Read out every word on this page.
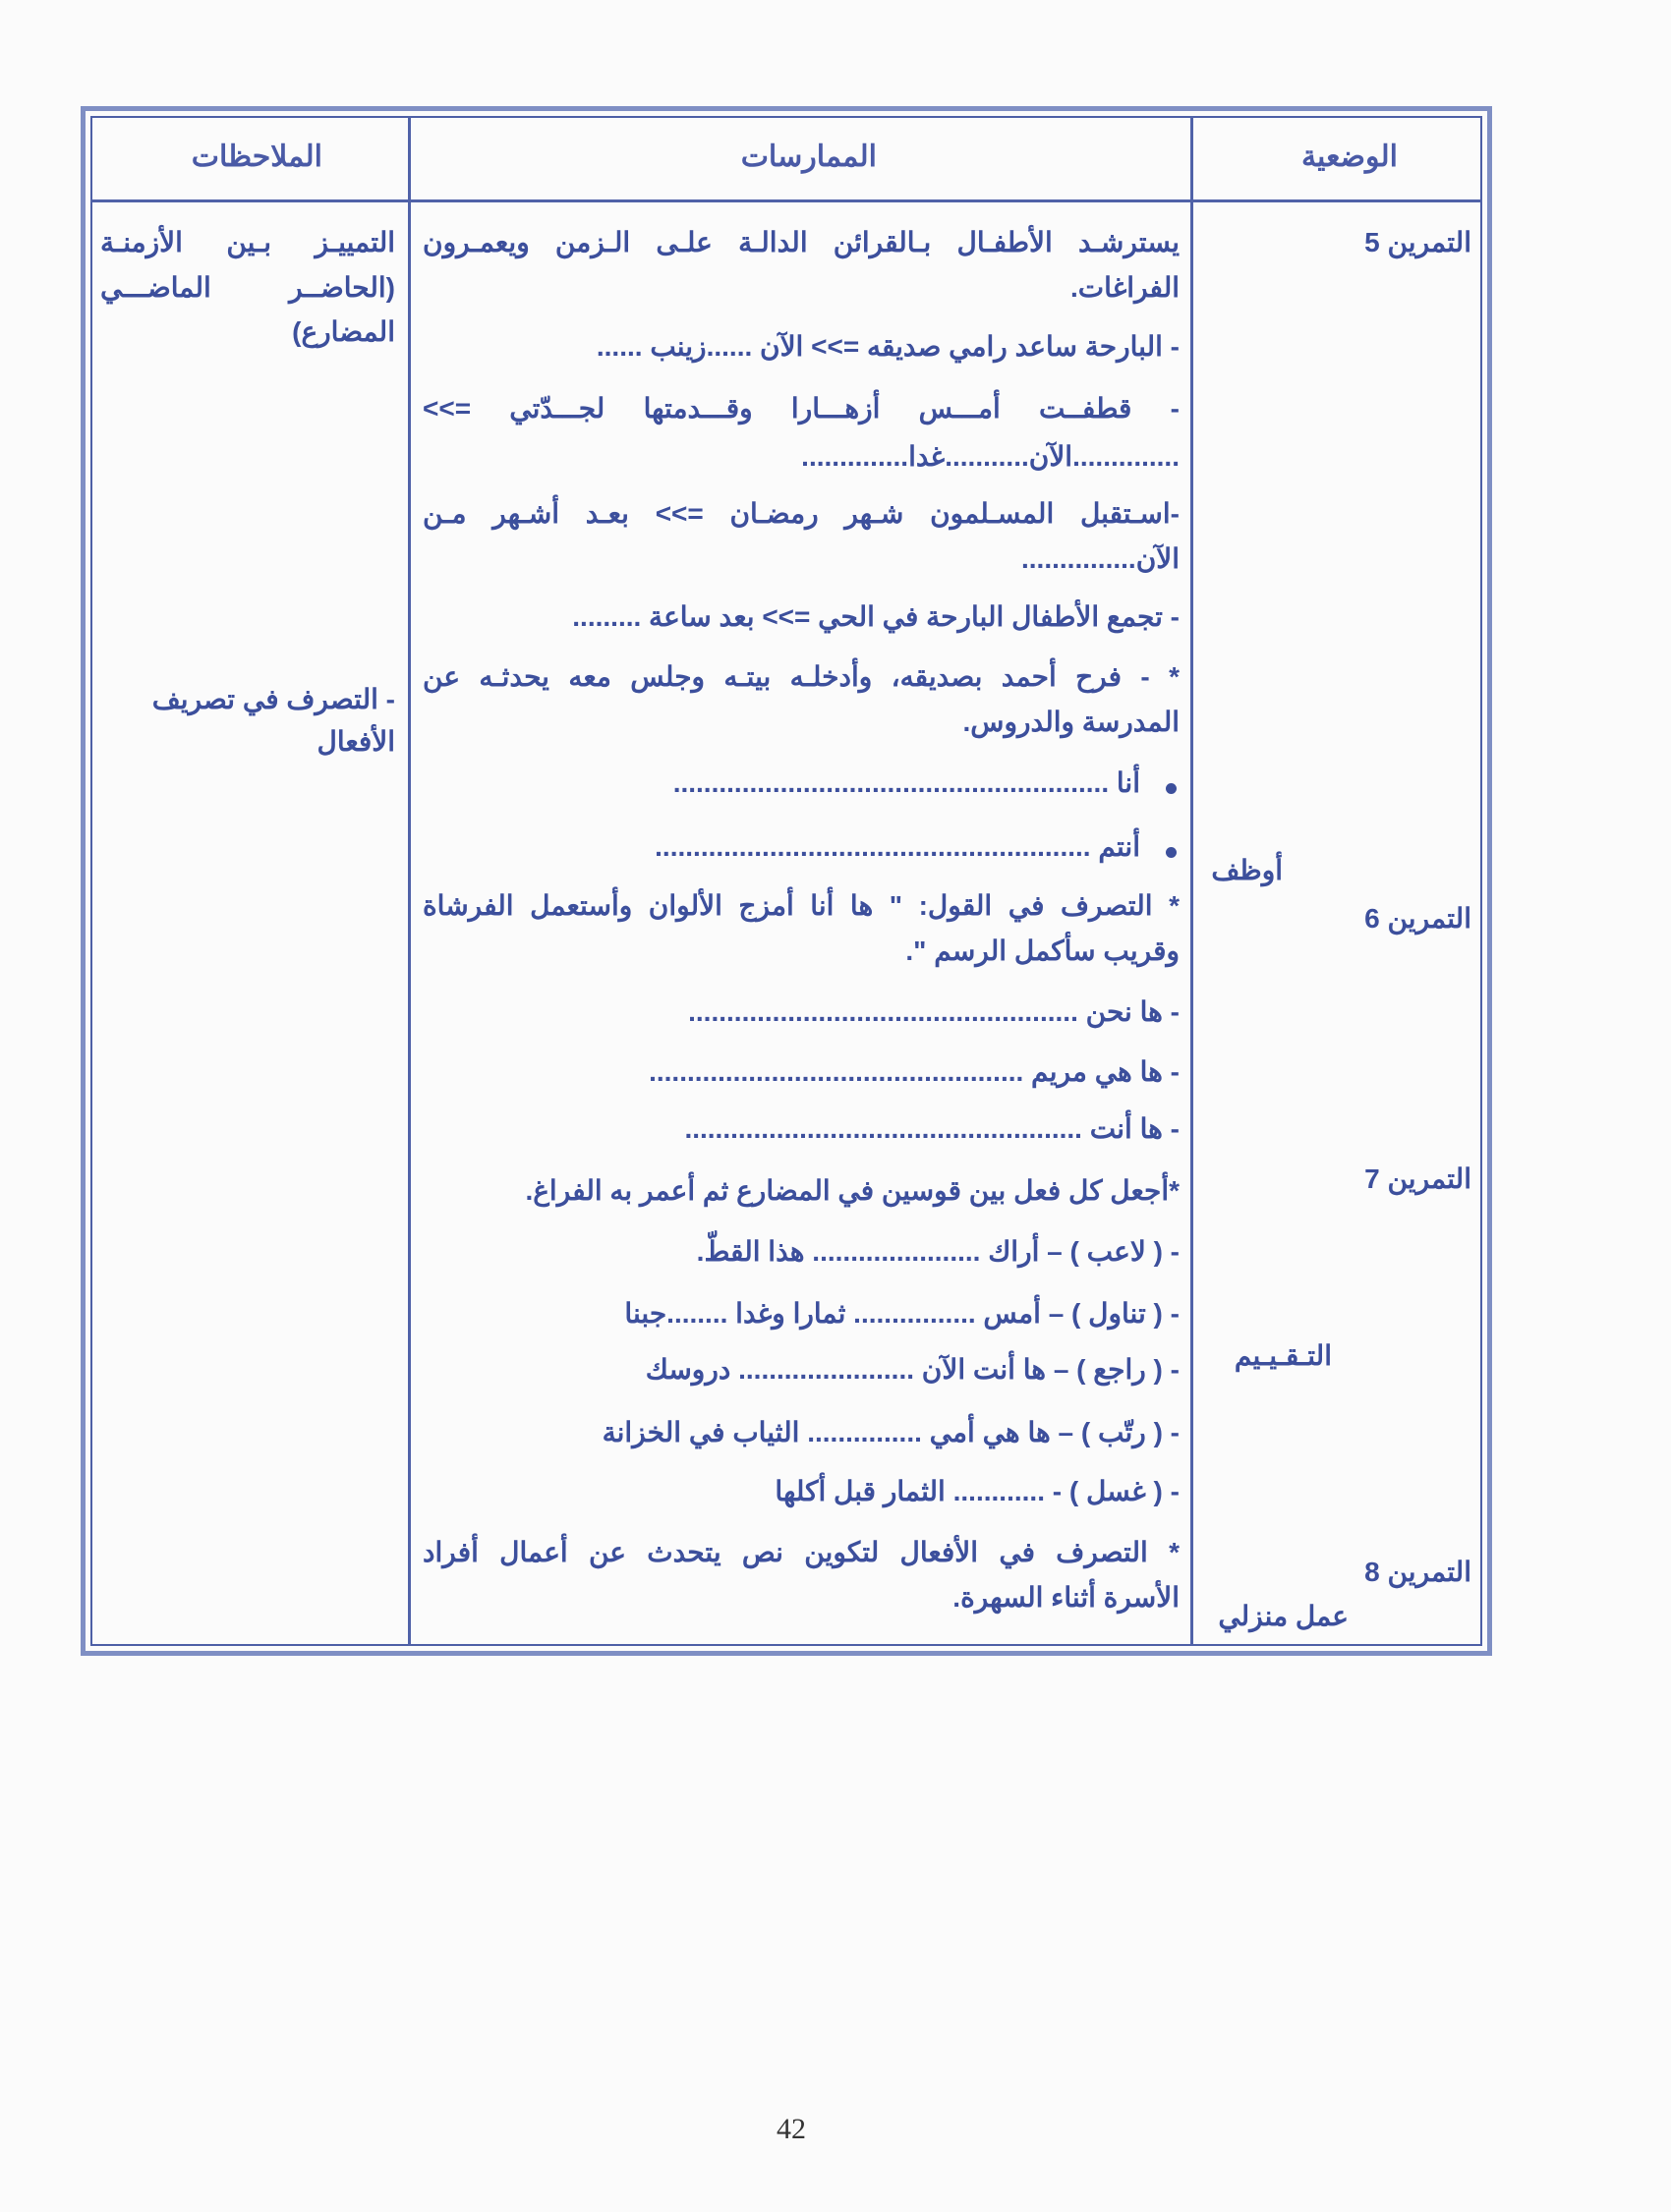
الملاحظات	الممارسات	الوضعية
التمرين 5
أوظف
التمرين 6
التمرين 7
التـقـيـيم
التمرين 8
عمل منزلي
التمييـز بـين الأزمنـة
(الحاضــر الماضـــي
المضارع)
- التصرف في تصريف
الأفعال
يسترشـد الأطفـال بـالقرائن الدالـة علـى الـزمن ويعمـرون
الفراغات.
- البارحة ساعد رامي صديقه =>> الآن ......زينب ......
- قطفــت أمـــس أزهـــارا وقـــدمتها لجـــدّتي =>>
..............الآن...........غدا..............
-اسـتقبل المسـلمون شـهر رمضـان =>> بعـد أشـهر مـن
الآن...............
- تجمع الأطفال البارحة في الحي =>> بعد ساعة .........
* - فرح أحمد بصديقه، وأدخلـه بيتـه وجلس معه يحدثـه عن
المدرسة والدروس.
أنا .........................................................
أنتم .........................................................
* التصرف في القول: " ها أنا أمزج الألوان وأستعمل الفرشاة
وقريب سأكمل الرسم ".
- ها نحن ...................................................
- ها هي مريم .................................................
- ها أنت ....................................................
*أجعل كل فعل بين قوسين في المضارع ثم أعمر به الفراغ.
- ( لاعب ) – أراك ...................... هذا القطّ.
- ( تناول ) – أمس ................ ثمارا وغدا ........جبنا
- ( راجع ) – ها أنت الآن ....................... دروسك
- ( رتّب ) – ها هي أمي ............... الثياب في الخزانة
- ( غسل ) - ............ الثمار قبل أكلها
* التصرف في الأفعال لتكوين نص يتحدث عن أعمال أفراد
الأسرة أثناء السهرة.
42
